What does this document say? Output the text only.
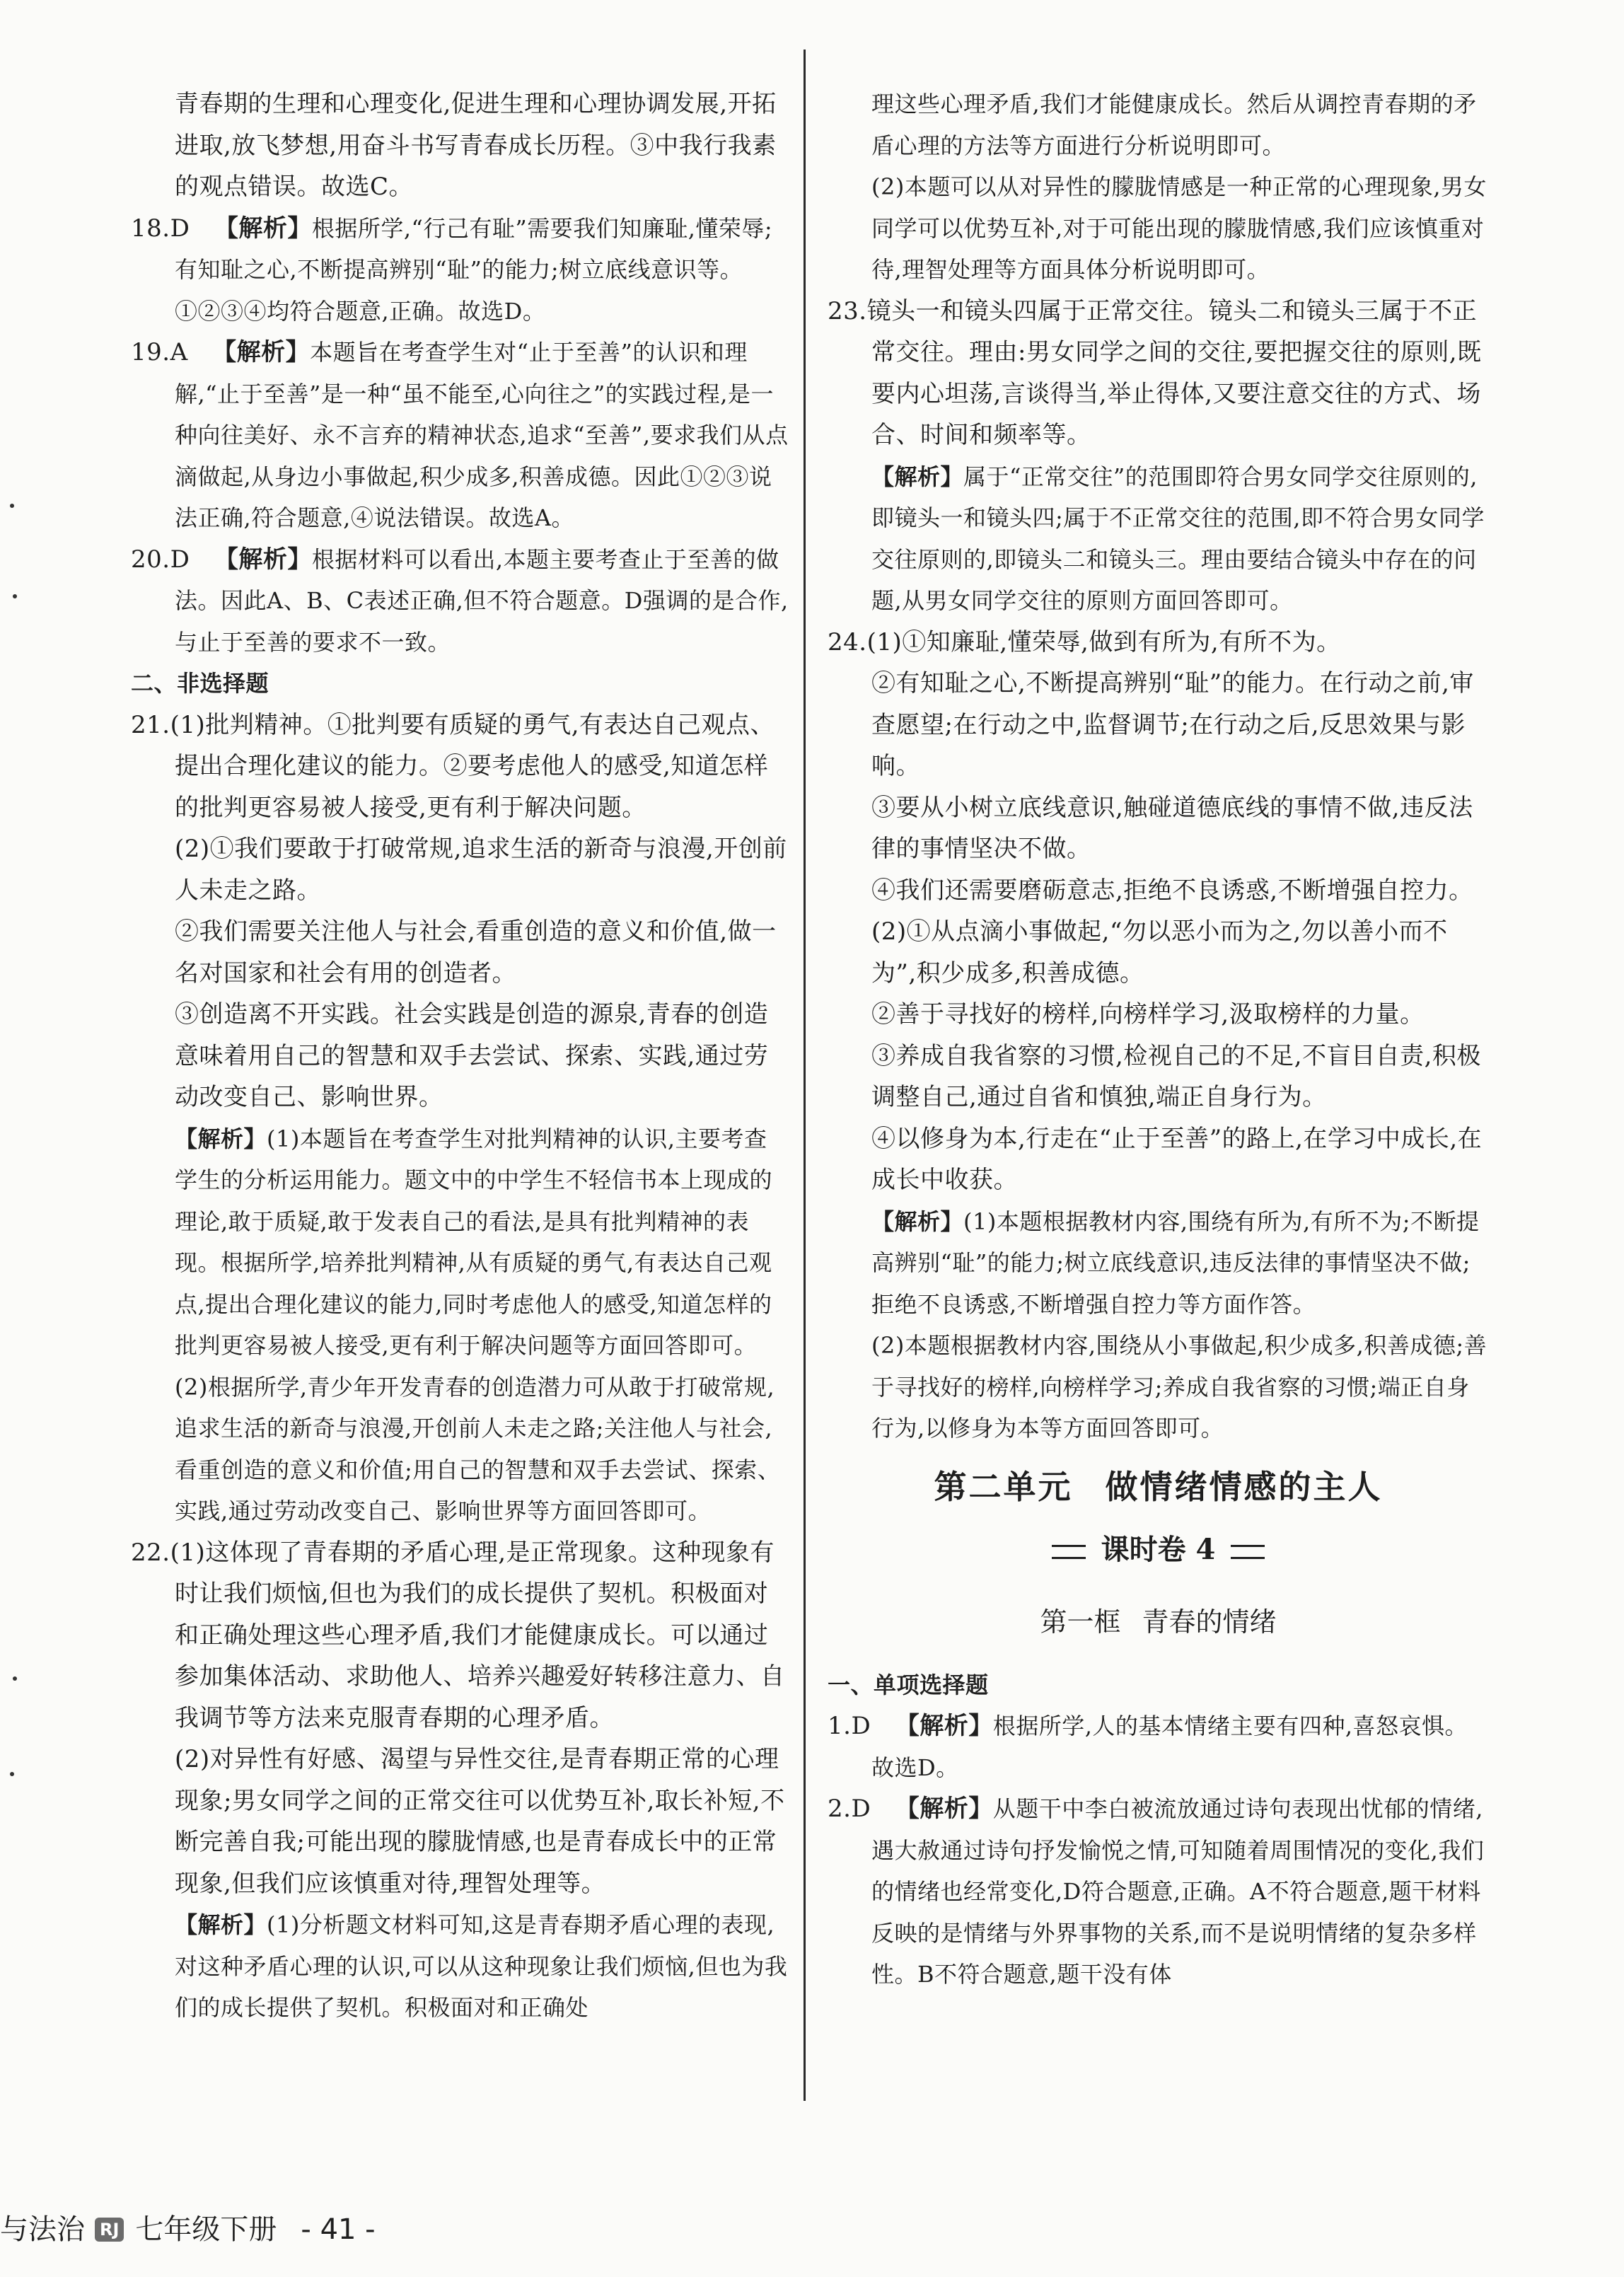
青春期的生理和心理变化,促进生理和心理协调发展,开拓进取,放飞梦想,用奋斗书写青春成长历程。③中我行我素的观点错误。故选C。

18.D  【解析】根据所学,“行己有耻”需要我们知廉耻,懂荣辱;有知耻之心,不断提高辨别“耻”的能力;树立底线意识等。①②③④均符合题意,正确。故选D。

19.A  【解析】本题旨在考查学生对“止于至善”的认识和理解,“止于至善”是一种“虽不能至,心向往之”的实践过程,是一种向往美好、永不言弃的精神状态,追求“至善”,要求我们从点滴做起,从身边小事做起,积少成多,积善成德。因此①②③说法正确,符合题意,④说法错误。故选A。

20.D  【解析】根据材料可以看出,本题主要考查止于至善的做法。因此A、B、C表述正确,但不符合题意。D强调的是合作,与止于至善的要求不一致。

二、非选择题

21.(1)批判精神。①批判要有质疑的勇气,有表达自己观点、提出合理化建议的能力。②要考虑他人的感受,知道怎样的批判更容易被人接受,更有利于解决问题。

(2)①我们要敢于打破常规,追求生活的新奇与浪漫,开创前人未走之路。

②我们需要关注他人与社会,看重创造的意义和价值,做一名对国家和社会有用的创造者。

③创造离不开实践。社会实践是创造的源泉,青春的创造意味着用自己的智慧和双手去尝试、探索、实践,通过劳动改变自己、影响世界。

【解析】(1)本题旨在考查学生对批判精神的认识,主要考查学生的分析运用能力。题文中的中学生不轻信书本上现成的理论,敢于质疑,敢于发表自己的看法,是具有批判精神的表现。根据所学,培养批判精神,从有质疑的勇气,有表达自己观点,提出合理化建议的能力,同时考虑他人的感受,知道怎样的批判更容易被人接受,更有利于解决问题等方面回答即可。

(2)根据所学,青少年开发青春的创造潜力可从敢于打破常规,追求生活的新奇与浪漫,开创前人未走之路;关注他人与社会,看重创造的意义和价值;用自己的智慧和双手去尝试、探索、实践,通过劳动改变自己、影响世界等方面回答即可。

22.(1)这体现了青春期的矛盾心理,是正常现象。这种现象有时让我们烦恼,但也为我们的成长提供了契机。积极面对和正确处理这些心理矛盾,我们才能健康成长。可以通过参加集体活动、求助他人、培养兴趣爱好转移注意力、自我调节等方法来克服青春期的心理矛盾。

(2)对异性有好感、渴望与异性交往,是青春期正常的心理现象;男女同学之间的正常交往可以优势互补,取长补短,不断完善自我;可能出现的朦胧情感,也是青春成长中的正常现象,但我们应该慎重对待,理智处理等。

【解析】(1)分析题文材料可知,这是青春期矛盾心理的表现,对这种矛盾心理的认识,可以从这种现象让我们烦恼,但也为我们的成长提供了契机。积极面对和正确处

理这些心理矛盾,我们才能健康成长。然后从调控青春期的矛盾心理的方法等方面进行分析说明即可。

(2)本题可以从对异性的朦胧情感是一种正常的心理现象,男女同学可以优势互补,对于可能出现的朦胧情感,我们应该慎重对待,理智处理等方面具体分析说明即可。

23.镜头一和镜头四属于正常交往。镜头二和镜头三属于不正常交往。理由:男女同学之间的交往,要把握交往的原则,既要内心坦荡,言谈得当,举止得体,又要注意交往的方式、场合、时间和频率等。

【解析】属于“正常交往”的范围即符合男女同学交往原则的,即镜头一和镜头四;属于不正常交往的范围,即不符合男女同学交往原则的,即镜头二和镜头三。理由要结合镜头中存在的问题,从男女同学交往的原则方面回答即可。

24.(1)①知廉耻,懂荣辱,做到有所为,有所不为。

②有知耻之心,不断提高辨别“耻”的能力。在行动之前,审查愿望;在行动之中,监督调节;在行动之后,反思效果与影响。

③要从小树立底线意识,触碰道德底线的事情不做,违反法律的事情坚决不做。

④我们还需要磨砺意志,拒绝不良诱惑,不断增强自控力。

(2)①从点滴小事做起,“勿以恶小而为之,勿以善小而不为”,积少成多,积善成德。

②善于寻找好的榜样,向榜样学习,汲取榜样的力量。

③养成自我省察的习惯,检视自己的不足,不盲目自责,积极调整自己,通过自省和慎独,端正自身行为。

④以修身为本,行走在“止于至善”的路上,在学习中成长,在成长中收获。

【解析】(1)本题根据教材内容,围绕有所为,有所不为;不断提高辨别“耻”的能力;树立底线意识,违反法律的事情坚决不做;拒绝不良诱惑,不断增强自控力等方面作答。

(2)本题根据教材内容,围绕从小事做起,积少成多,积善成德;善于寻找好的榜样,向榜样学习;养成自我省察的习惯;端正自身行为,以修身为本等方面回答即可。

第二单元 做情绪情感的主人
课时卷 4
第一框 青春的情绪

一、单项选择题

1.D  【解析】根据所学,人的基本情绪主要有四种,喜怒哀惧。故选D。

2.D  【解析】从题干中李白被流放通过诗句表现出忧郁的情绪,遇大赦通过诗句抒发愉悦之情,可知随着周围情况的变化,我们的情绪也经常变化,D符合题意,正确。A不符合题意,题干材料反映的是情绪与外界事物的关系,而不是说明情绪的复杂多样性。B不符合题意,题干没有体

与法治 RJ 七年级下册 - 41 -
